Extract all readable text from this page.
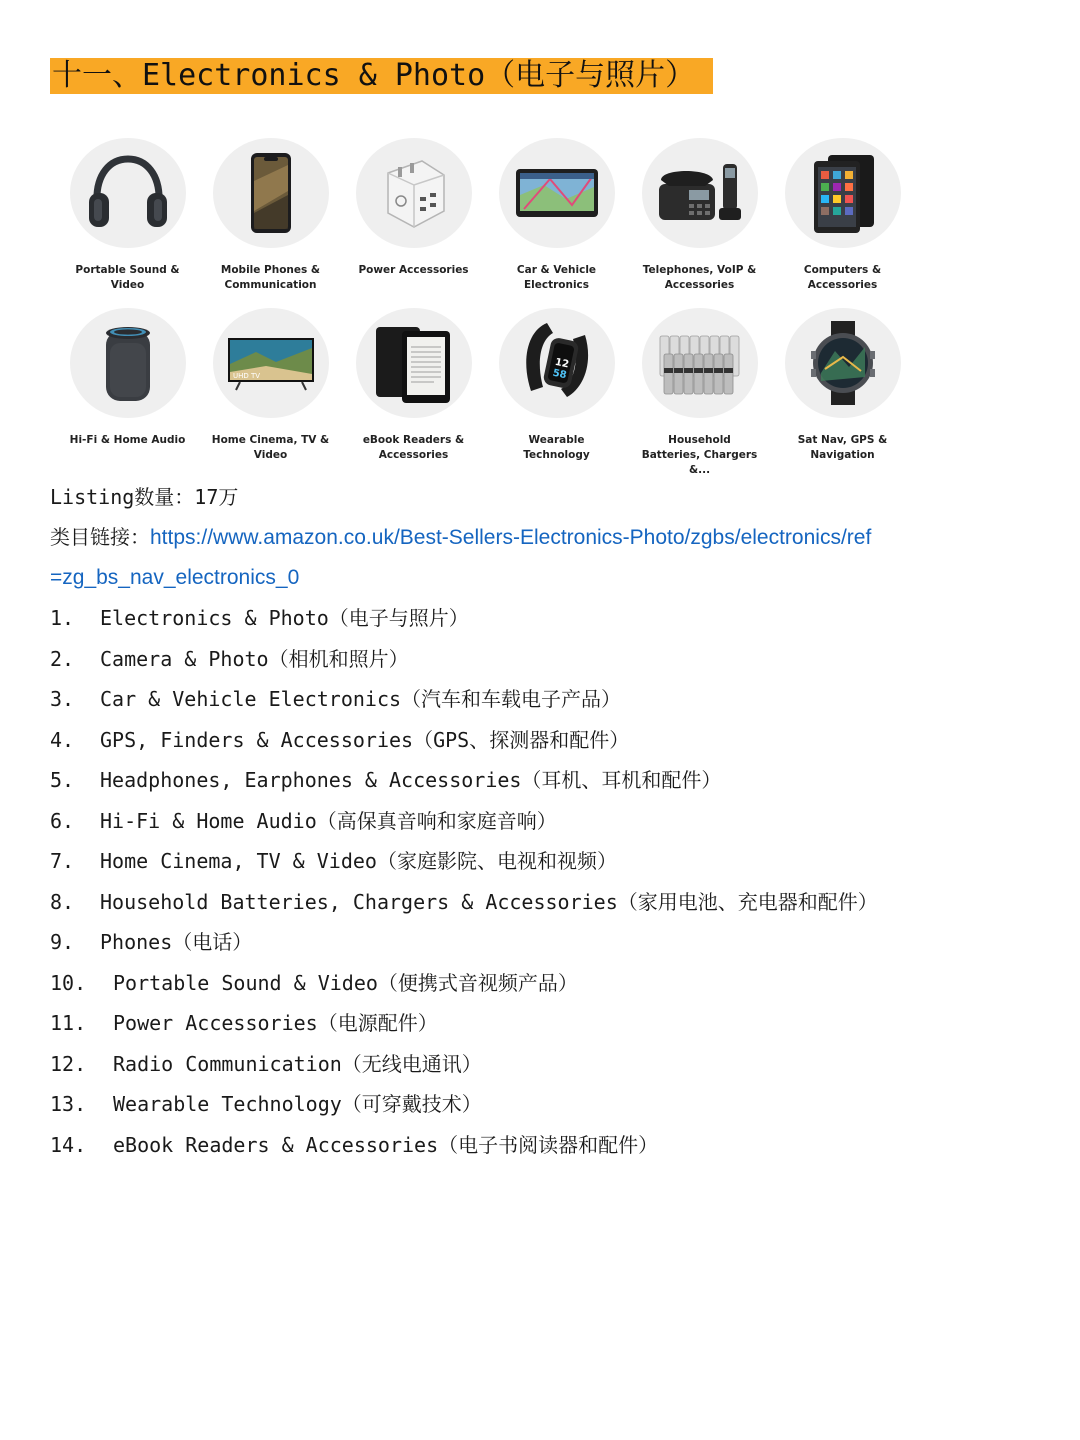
十一、Electronics & Photo（电子与照片）
Portable Sound & Video
Mobile Phones & Communication
Power Accessories	Car & Vehicle Electronics
Telephones, VoIP & Accessories
Computers & Accessories
Hi-Fi & Home Audio
UHD TV
Home Cinema, TV & Video
eBook Readers & Accessories
12
58
Wearable Technology
Household Batteries, Chargers &...
Sat Nav, GPS & Navigation
Listing数量：17万
类目链接：https://www.amazon.co.uk/Best-Sellers-Electronics-Photo/zgbs/electronics/ref
=zg_bs_nav_electronics_0
1. Electronics & Photo（电子与照片）
2. Camera & Photo（相机和照片）
3. Car & Vehicle Electronics（汽车和车载电子产品）
4. GPS, Finders & Accessories（GPS、探测器和配件）
5. Headphones, Earphones & Accessories（耳机、耳机和配件）
6. Hi-Fi & Home Audio（高保真音响和家庭音响）
7. Home Cinema, TV & Video（家庭影院、电视和视频）
8. Household Batteries, Chargers & Accessories（家用电池、充电器和配件）
9. Phones（电话）
10. Portable Sound & Video（便携式音视频产品）
11. Power Accessories（电源配件）
12. Radio Communication（无线电通讯）
13. Wearable Technology（可穿戴技术）
14. eBook Readers & Accessories（电子书阅读器和配件）
